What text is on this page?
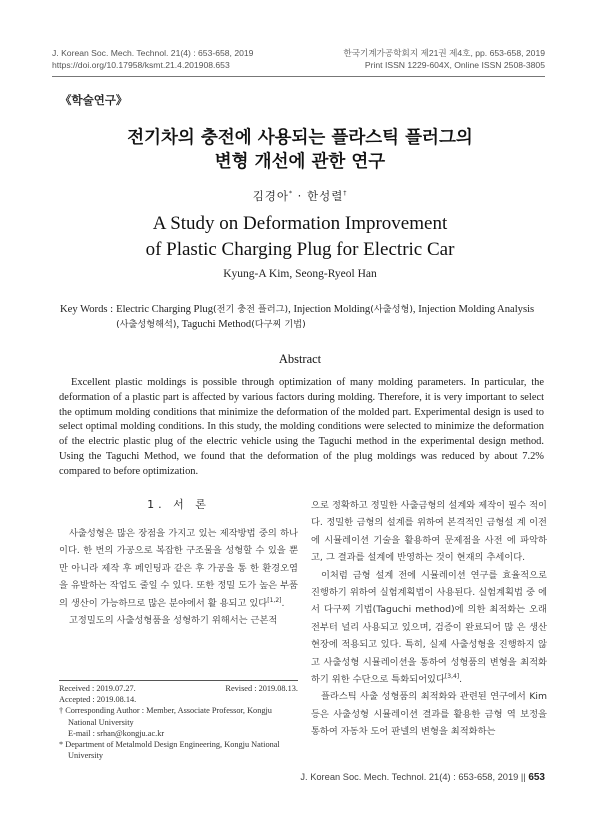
J. Korean Soc. Mech. Technol. 21(4) : 653-658, 2019	한국기계가공학회지 제21권 제4호, pp. 653-658, 2019
https://doi.org/10.17958/ksmt.21.4.201908.653	Print ISSN 1229-604X, Online ISSN 2508-3805
《학술연구》
전기차의 충전에 사용되는 플라스틱 플러그의
변형 개선에 관한 연구
김경아* · 한성렬†
A Study on Deformation Improvement
of Plastic Charging Plug for Electric Car
Kyung-A Kim, Seong-Ryeol Han
Key Words : Electric Charging Plug(전기 충전 플러그), Injection Molding(사출성형), Injection Molding Analysis
(사출성형해석), Taguchi Method(다구찌 기법)
Abstract
Excellent plastic moldings is possible through optimization of many molding parameters. In particular, the deformation of a plastic part is affected by various factors during molding. Therefore, it is very important to select the optimum molding conditions that minimize the deformation of the molded part. Experimental design is used to select optimal molding conditions. In this study, the molding conditions were selected to minimize the deformation of the electric plastic plug of the electric vehicle using the Taguchi method in the experimental design method. Using the Taguchi Method, we found that the deformation of the plug moldings was reduced by about 7.2% compared to before optimization.
1. 서 론

사출성형은 많은 장점을 가지고 있는 제작방법 중의 하나이다. 한 번의 가공으로 복잡한 구조물을 성형할 수 있을 뿐만 아니라 제작 후 페인팅과 같은 후 가공을 통 한 환경오염을 유발하는 작업도 줄일 수 있다. 또한 정밀 도가 높은 부품의 생산이 가능하므로 많은 분야에서 활 용되고 있다[1,2].

고정밀도의 사출성형품을 성형하기 위해서는 근본적

Received : 2019.07.27.	Revised : 2019.08.13.
Accepted : 2019.08.14.
† Corresponding Author : Member, Associate Professor, Kongju
National University
E-mail : srhan@kongju.ac.kr
* Department of Metalmold Design Engineering, Kongju National
University

으로 정확하고 정밀한 사출금형의 설계와 제작이 필수 적이다. 정밀한 금형의 설계를 위하여 본격적인 금형설 계 이전에 시뮬레이션 기술을 활용하여 문제점을 사전 에 파악하고, 그 결과를 설계에 반영하는 것이 현재의 추세이다.

이처럼 금형 설계 전에 시뮬레이션 연구를 효율적으로 진행하기 위하여 실험계획법이 사용된다. 실험계획법 중 에서 다구찌 기법(Taguchi method)에 의한 최적화는 오래전부터 널리 사용되고 있으며, 검증이 완료되어 많 은 생산 현장에 적용되고 있다. 특히, 실제 사출성형을 진행하지 않고 사출성형 시뮬레이션을 통하여 성형품의 변형을 최적화하기 위한 수단으로 특화되어있다[3,4].

플라스틱 사출 성형품의 최적화와 관련된 연구에서 Kim 등은 사출성형 시뮬레이션 결과를 활용한 금형 역 보정을 통하여 자동차 도어 판넬의 변형을 최적화하는

J. Korean Soc. Mech. Technol. 21(4) : 653-658, 2019 || 653
